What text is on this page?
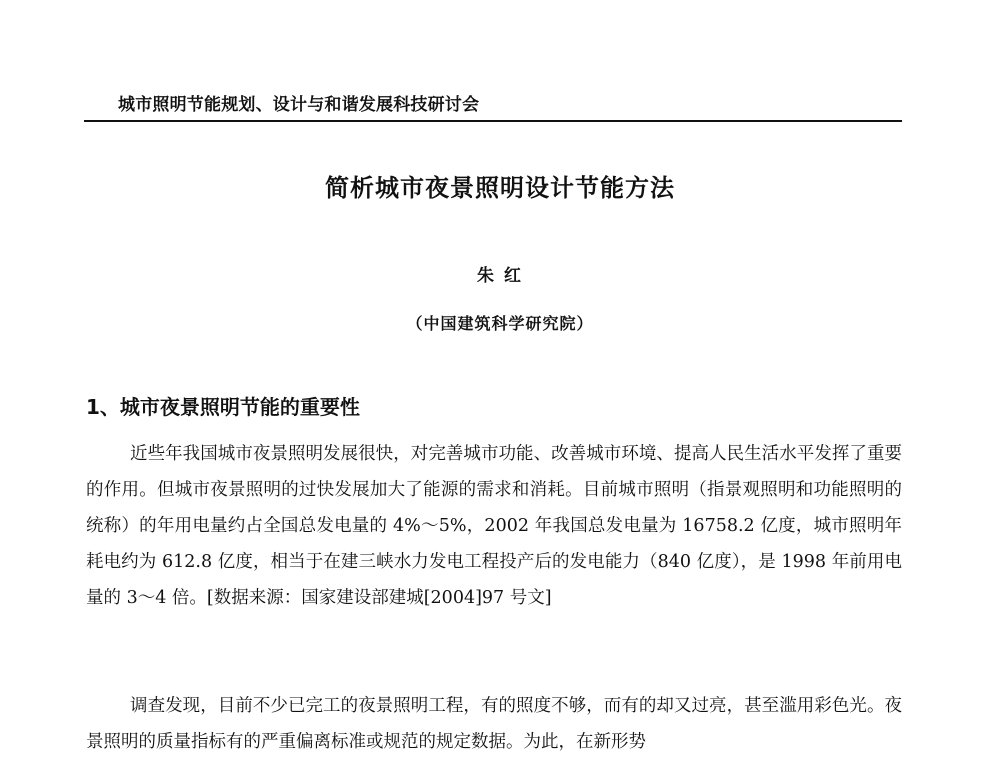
城市照明节能规划、设计与和谐发展科技研讨会
简析城市夜景照明设计节能方法
朱 红
（中国建筑科学研究院）
1、城市夜景照明节能的重要性
近些年我国城市夜景照明发展很快，对完善城市功能、改善城市环境、提高人民生活水平发挥了重要的作用。但城市夜景照明的过快发展加大了能源的需求和消耗。目前城市照明（指景观照明和功能照明的统称）的年用电量约占全国总发电量的 4%～5%，2002 年我国总发电量为 16758.2 亿度，城市照明年耗电约为 612.8 亿度，相当于在建三峡水力发电工程投产后的发电能力（840 亿度），是 1998 年前用电量的 3～4 倍。[数据来源：国家建设部建城[2004]97 号文]
调查发现，目前不少已完工的夜景照明工程，有的照度不够，而有的却又过亮，甚至滥用彩色光。夜景照明的质量指标有的严重偏离标准或规范的规定数据。为此，在新形势
